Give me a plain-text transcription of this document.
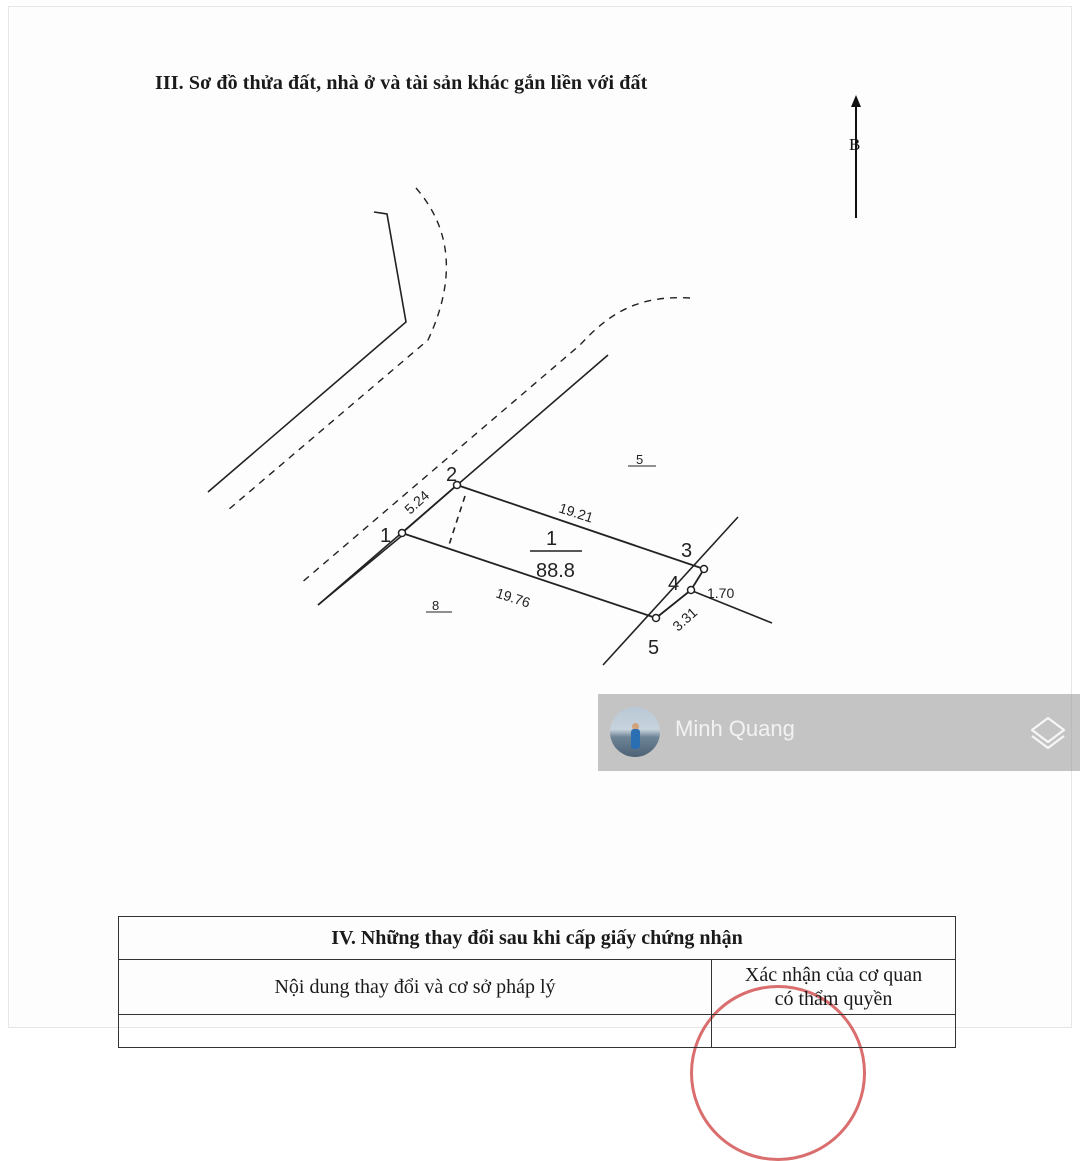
III. Sơ đồ thửa đất, nhà ở và tài sản khác gắn liền với đất
B
1
2
3
4
5
5.24	19.21
1.70
3.31
19.76
1
88.8
5
8
Minh Quang
IV. Những thay đổi sau khi cấp giấy chứng nhận	
Nội dung thay đổi và cơ sở pháp lý	Xác nhận của cơ quan
có thẩm quyền
